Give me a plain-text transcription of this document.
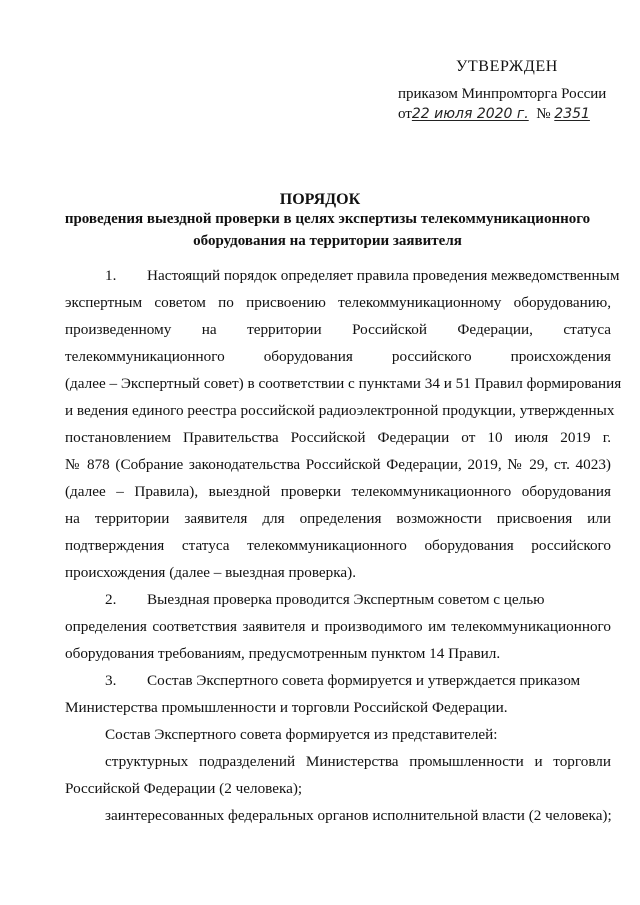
УТВЕРЖДЕН
приказом Минпромторга России
от22 июля 2020 г. № 2351
ПОРЯДОК
проведения выездной проверки в целях экспертизы телекоммуникационного
оборудования на территории заявителя
1. Настоящий порядок определяет правила проведения межведомственным
экспертным советом по присвоению телекоммуникационному оборудованию,
произведенному на территории Российской Федерации, статуса
телекоммуникационного оборудования российского происхождения
(далее – Экспертный совет) в соответствии с пунктами 34 и 51 Правил формирования
и ведения единого реестра российской радиоэлектронной продукции, утвержденных
постановлением Правительства Российской Федерации от 10 июля 2019 г.
№ 878 (Собрание законодательства Российской Федерации, 2019, № 29, ст. 4023)
(далее – Правила), выездной проверки телекоммуникационного оборудования
на территории заявителя для определения возможности присвоения или
подтверждения статуса телекоммуникационного оборудования российского
происхождения (далее – выездная проверка).
2. Выездная проверка проводится Экспертным советом с целью
определения соответствия заявителя и производимого им телекоммуникационного
оборудования требованиям, предусмотренным пунктом 14 Правил.
3. Состав Экспертного совета формируется и утверждается приказом
Министерства промышленности и торговли Российской Федерации.
Состав Экспертного совета формируется из представителей:
структурных подразделений Министерства промышленности и торговли
Российской Федерации (2 человека);
заинтересованных федеральных органов исполнительной власти (2 человека);
